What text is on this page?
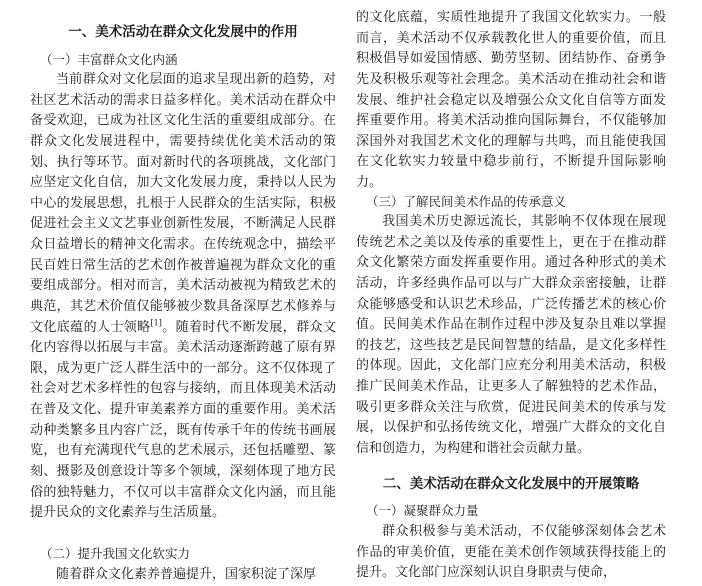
一、美术活动在群众文化发展中的作用
（一）丰富群众文化内涵

当前群众对文化层面的追求呈现出新的趋势，对社区艺术活动的需求日益多样化。美术活动在群众中备受欢迎，已成为社区文化生活的重要组成部分。在群众文化发展进程中，需要持续优化美术活动的策划、执行等环节。面对新时代的各项挑战，文化部门应坚定文化自信，加大文化发展力度，秉持以人民为中心的发展思想，扎根于人民群众的生活实际，积极促进社会主义文艺事业创新性发展，不断满足人民群众日益增长的精神文化需求。在传统观念中，描绘平民百姓日常生活的艺术创作被普遍视为群众文化的重要组成部分。相对而言，美术活动被视为精致艺术的典范，其艺术价值仅能够被少数具备深厚艺术修养与文化底蕴的人士领略[1]。随着时代不断发展，群众文化内容得以拓展与丰富。美术活动逐渐跨越了原有界限，成为更广泛人群生活中的一部分。这不仅体现了社会对艺术多样性的包容与接纳，而且体现美术活动在普及文化、提升审美素养方面的重要作用。美术活动种类繁多且内容广泛，既有传承千年的传统书画展览，也有充满现代气息的艺术展示，还包括雕塑、篆刻、摄影及创意设计等多个领域，深刻体现了地方民俗的独特魅力，不仅可以丰富群众文化内涵，而且能提升民众的文化素养与生活质量。

（二）提升我国文化软实力

随着群众文化素养普遍提升，国家积淀了深厚

的文化底蕴，实质性地提升了我国文化软实力。一般而言，美术活动不仅承载教化世人的重要价值，而且积极倡导如爱国情感、勤劳坚韧、团结协作、奋勇争先及积极乐观等社会理念。美术活动在推动社会和谐发展、维护社会稳定以及增强公众文化自信等方面发挥重要作用。将美术活动推向国际舞台，不仅能够加深国外对我国艺术文化的理解与共鸣，而且能使我国在文化软实力较量中稳步前行，不断提升国际影响力。

（三）了解民间美术作品的传承意义

我国美术历史源远流长，其影响不仅体现在展现传统艺术之美以及传承的重要性上，更在于在推动群众文化繁荣方面发挥重要作用。通过各种形式的美术活动，许多经典作品可以与广大群众亲密接触，让群众能够感受和认识艺术珍品，广泛传播艺术的核心价值。民间美术作品在制作过程中涉及复杂且难以掌握的技艺，这些技艺是民间智慧的结晶，是文化多样性的体现。因此，文化部门应充分利用美术活动，积极推广民间美术作品，让更多人了解独特的艺术作品，吸引更多群众关注与欣赏，促进民间美术的传承与发展，以保护和弘扬传统文化，增强广大群众的文化自信和创造力，为构建和谐社会贡献力量。

二、美术活动在群众文化发展中的开展策略
（一）凝聚群众力量

群众积极参与美术活动，不仅能够深刻体会艺术作品的审美价值，更能在美术创作领域获得技能上的提升。文化部门应深刻认识自身职责与使命，
